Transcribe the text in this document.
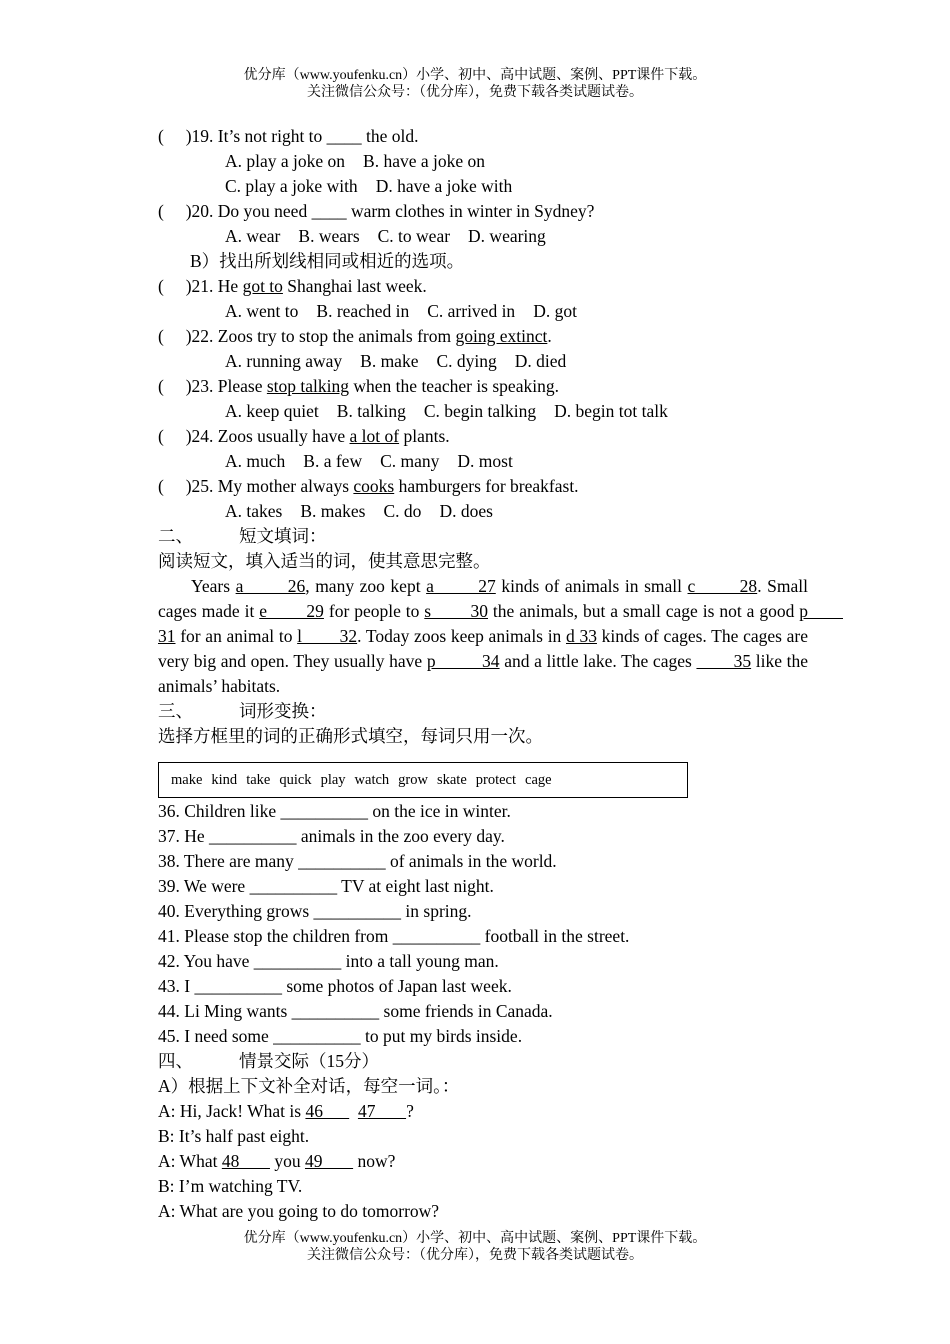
优分库（www.youfenku.cn）小学、初中、高中试题、案例、PPT课件下载。
关注微信公众号：（优分库），免费下载各类试题试卷。
(     )19. It’s not right to ____ the old.
A. play a joke on B. have a joke on
C. play a joke with D. have a joke with
(     )20. Do you need ____ warm clothes in winter in Sydney?
A. wear B. wears C. to wear D. wearing
B）找出所划线相同或相近的选项。
(     )21. He got to Shanghai last week.
A. went to B. reached in C. arrived in D. got
(     )22. Zoos try to stop the animals from going extinct.
A. running away B. make C. dying D. died
(     )23. Please stop talking when the teacher is speaking.
A. keep quiet B. talking C. begin talking D. begin tot talk
(     )24. Zoos usually have a lot of plants.
A. much B. a few C. many D. most
(     )25. My mother always cooks hamburgers for breakfast.
A. takes B. makes C. do D. does
二、	短文填词：
阅读短文，填入适当的词，使其意思完整。
Years a        26, many zoo kept a        27 kinds of animals in small c        28. Small cages made it e        29 for people to s        30 the animals, but a small cage is not a good p        31 for an animal to l        32. Today zoos keep animals in d 33 kinds of cages. The cages are very big and open. They usually have p          34 and a little lake. The cages         35 like the animals’ habitats.
三、	词形变换：
选择方框里的词的正确形式填空，每词只用一次。
make kind take quick play watch grow skate protect cage
36. Children like __________ on the ice in winter.
37. He __________ animals in the zoo every day.
38. There are many __________ of animals in the world.
39. We were __________ TV at eight last night.
40. Everything grows __________ in spring.
41. Please stop the children from __________ football in the street.
42. You have __________ into a tall young man.
43. I __________ some photos of Japan last week.
44. Li Ming wants __________ some friends in Canada.
45. I need some __________ to put my birds inside.
四、	情景交际（15分）
A）根据上下文补全对话，每空一词。：
A: Hi, Jack! What is 46        47       ?
B: It’s half past eight.
A: What 48        you 49        now?
B: I’m watching TV.
A: What are you going to do tomorrow?
优分库（www.youfenku.cn）小学、初中、高中试题、案例、PPT课件下载。
关注微信公众号：（优分库），免费下载各类试题试卷。
